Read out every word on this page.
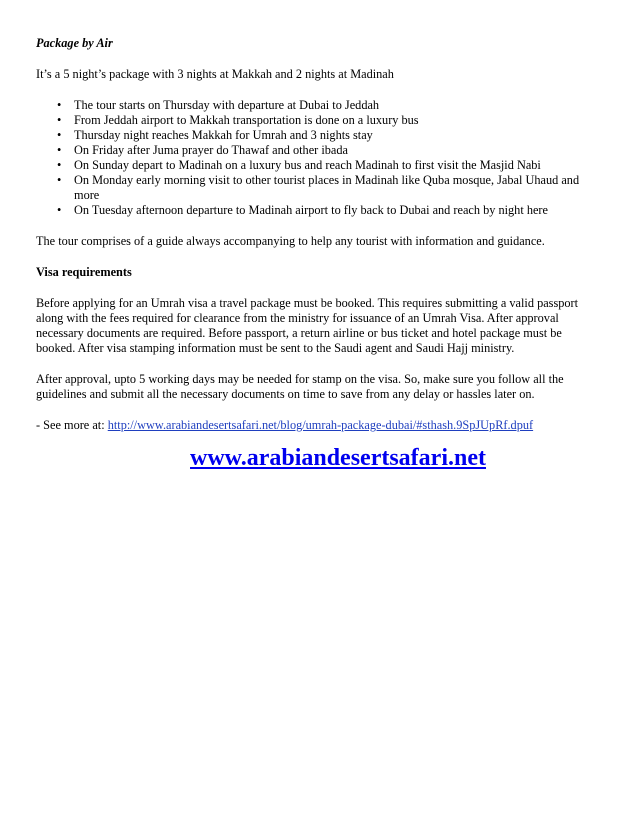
Package by Air

It’s a 5 night’s package with 3 nights at Makkah and 2 nights at Madinah

• The tour starts on Thursday with departure at Dubai to Jeddah
• From Jeddah airport to Makkah transportation is done on a luxury bus
• Thursday night reaches Makkah for Umrah and 3 nights stay
• On Friday after Juma prayer do Thawaf and other ibada
• On Sunday depart to Madinah on a luxury bus and reach Madinah to first visit the Masjid Nabi
• On Monday early morning visit to other tourist places in Madinah like Quba mosque, Jabal Uhaud and more
• On Tuesday afternoon departure to Madinah airport to fly back to Dubai and reach by night here

The tour comprises of a guide always accompanying to help any tourist with information and guidance.

Visa requirements

Before applying for an Umrah visa a travel package must be booked. This requires submitting a valid passport along with the fees required for clearance from the ministry for issuance of an Umrah Visa. After approval necessary documents are required. Before passport, a return airline or bus ticket and hotel package must be booked. After visa stamping information must be sent to the Saudi agent and Saudi Hajj ministry.

After approval, upto 5 working days may be needed for stamp on the visa. So, make sure you follow all the guidelines and submit all the necessary documents on time to save from any delay or hassles later on.

- See more at: http://www.arabiandesertsafari.net/blog/umrah-package-dubai/#sthash.9SpJUpRf.dpuf

www.arabiandesertsafari.net
